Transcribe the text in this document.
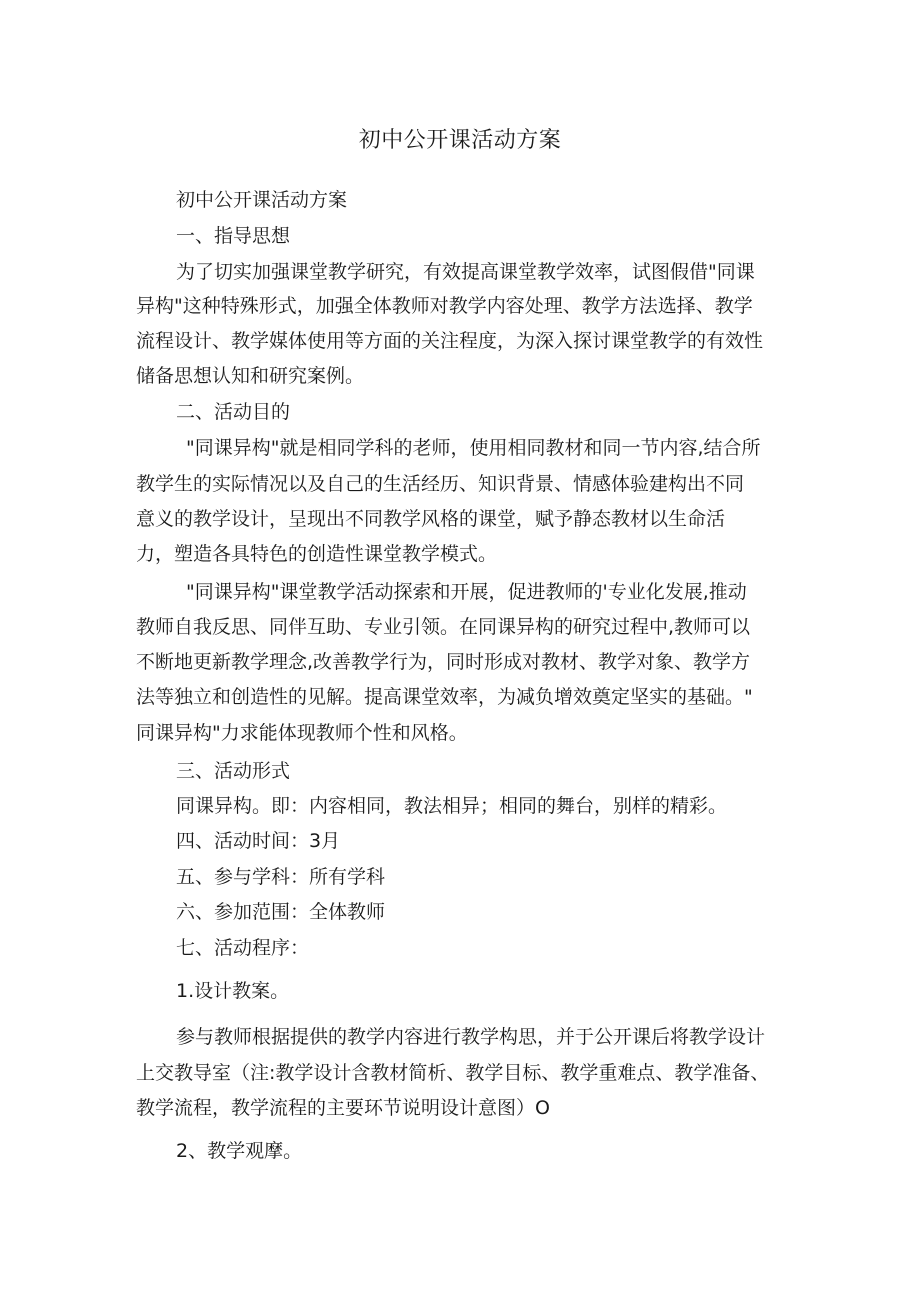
初中公开课活动方案
初中公开课活动方案
一、指导思想
为了切实加强课堂教学研究，有效提高课堂教学效率，试图假借"同课
异构"这种特殊形式，加强全体教师对教学内容处理、教学方法选择、教学
流程设计、教学媒体使用等方面的关注程度，为深入探讨课堂教学的有效性
储备思想认知和研究案例。
二、活动目的
"同课异构"就是相同学科的老师，使用相同教材和同一节内容,结合所
教学生的实际情况以及自己的生活经历、知识背景、情感体验建构出不同
意义的教学设计，呈现出不同教学风格的课堂，赋予静态教材以生命活
力，塑造各具特色的创造性课堂教学模式。
"同课异构"课堂教学活动探索和开展，促进教师的'专业化发展,推动
教师自我反思、同伴互助、专业引领。在同课异构的研究过程中,教师可以
不断地更新教学理念,改善教学行为，同时形成对教材、教学对象、教学方
法等独立和创造性的见解。提高课堂效率，为减负增效奠定坚实的基础。"
同课异构"力求能体现教师个性和风格。
三、活动形式
同课异构。即：内容相同，教法相异；相同的舞台，别样的精彩。
四、活动时间：3月
五、参与学科：所有学科
六、参加范围：全体教师
七、活动程序：
1.设计教案。
参与教师根据提供的教学内容进行教学构思，并于公开课后将教学设计
上交教导室（注:教学设计含教材简析、教学目标、教学重难点、教学准备、
教学流程，教学流程的主要环节说明设计意图）O
2、教学观摩。
